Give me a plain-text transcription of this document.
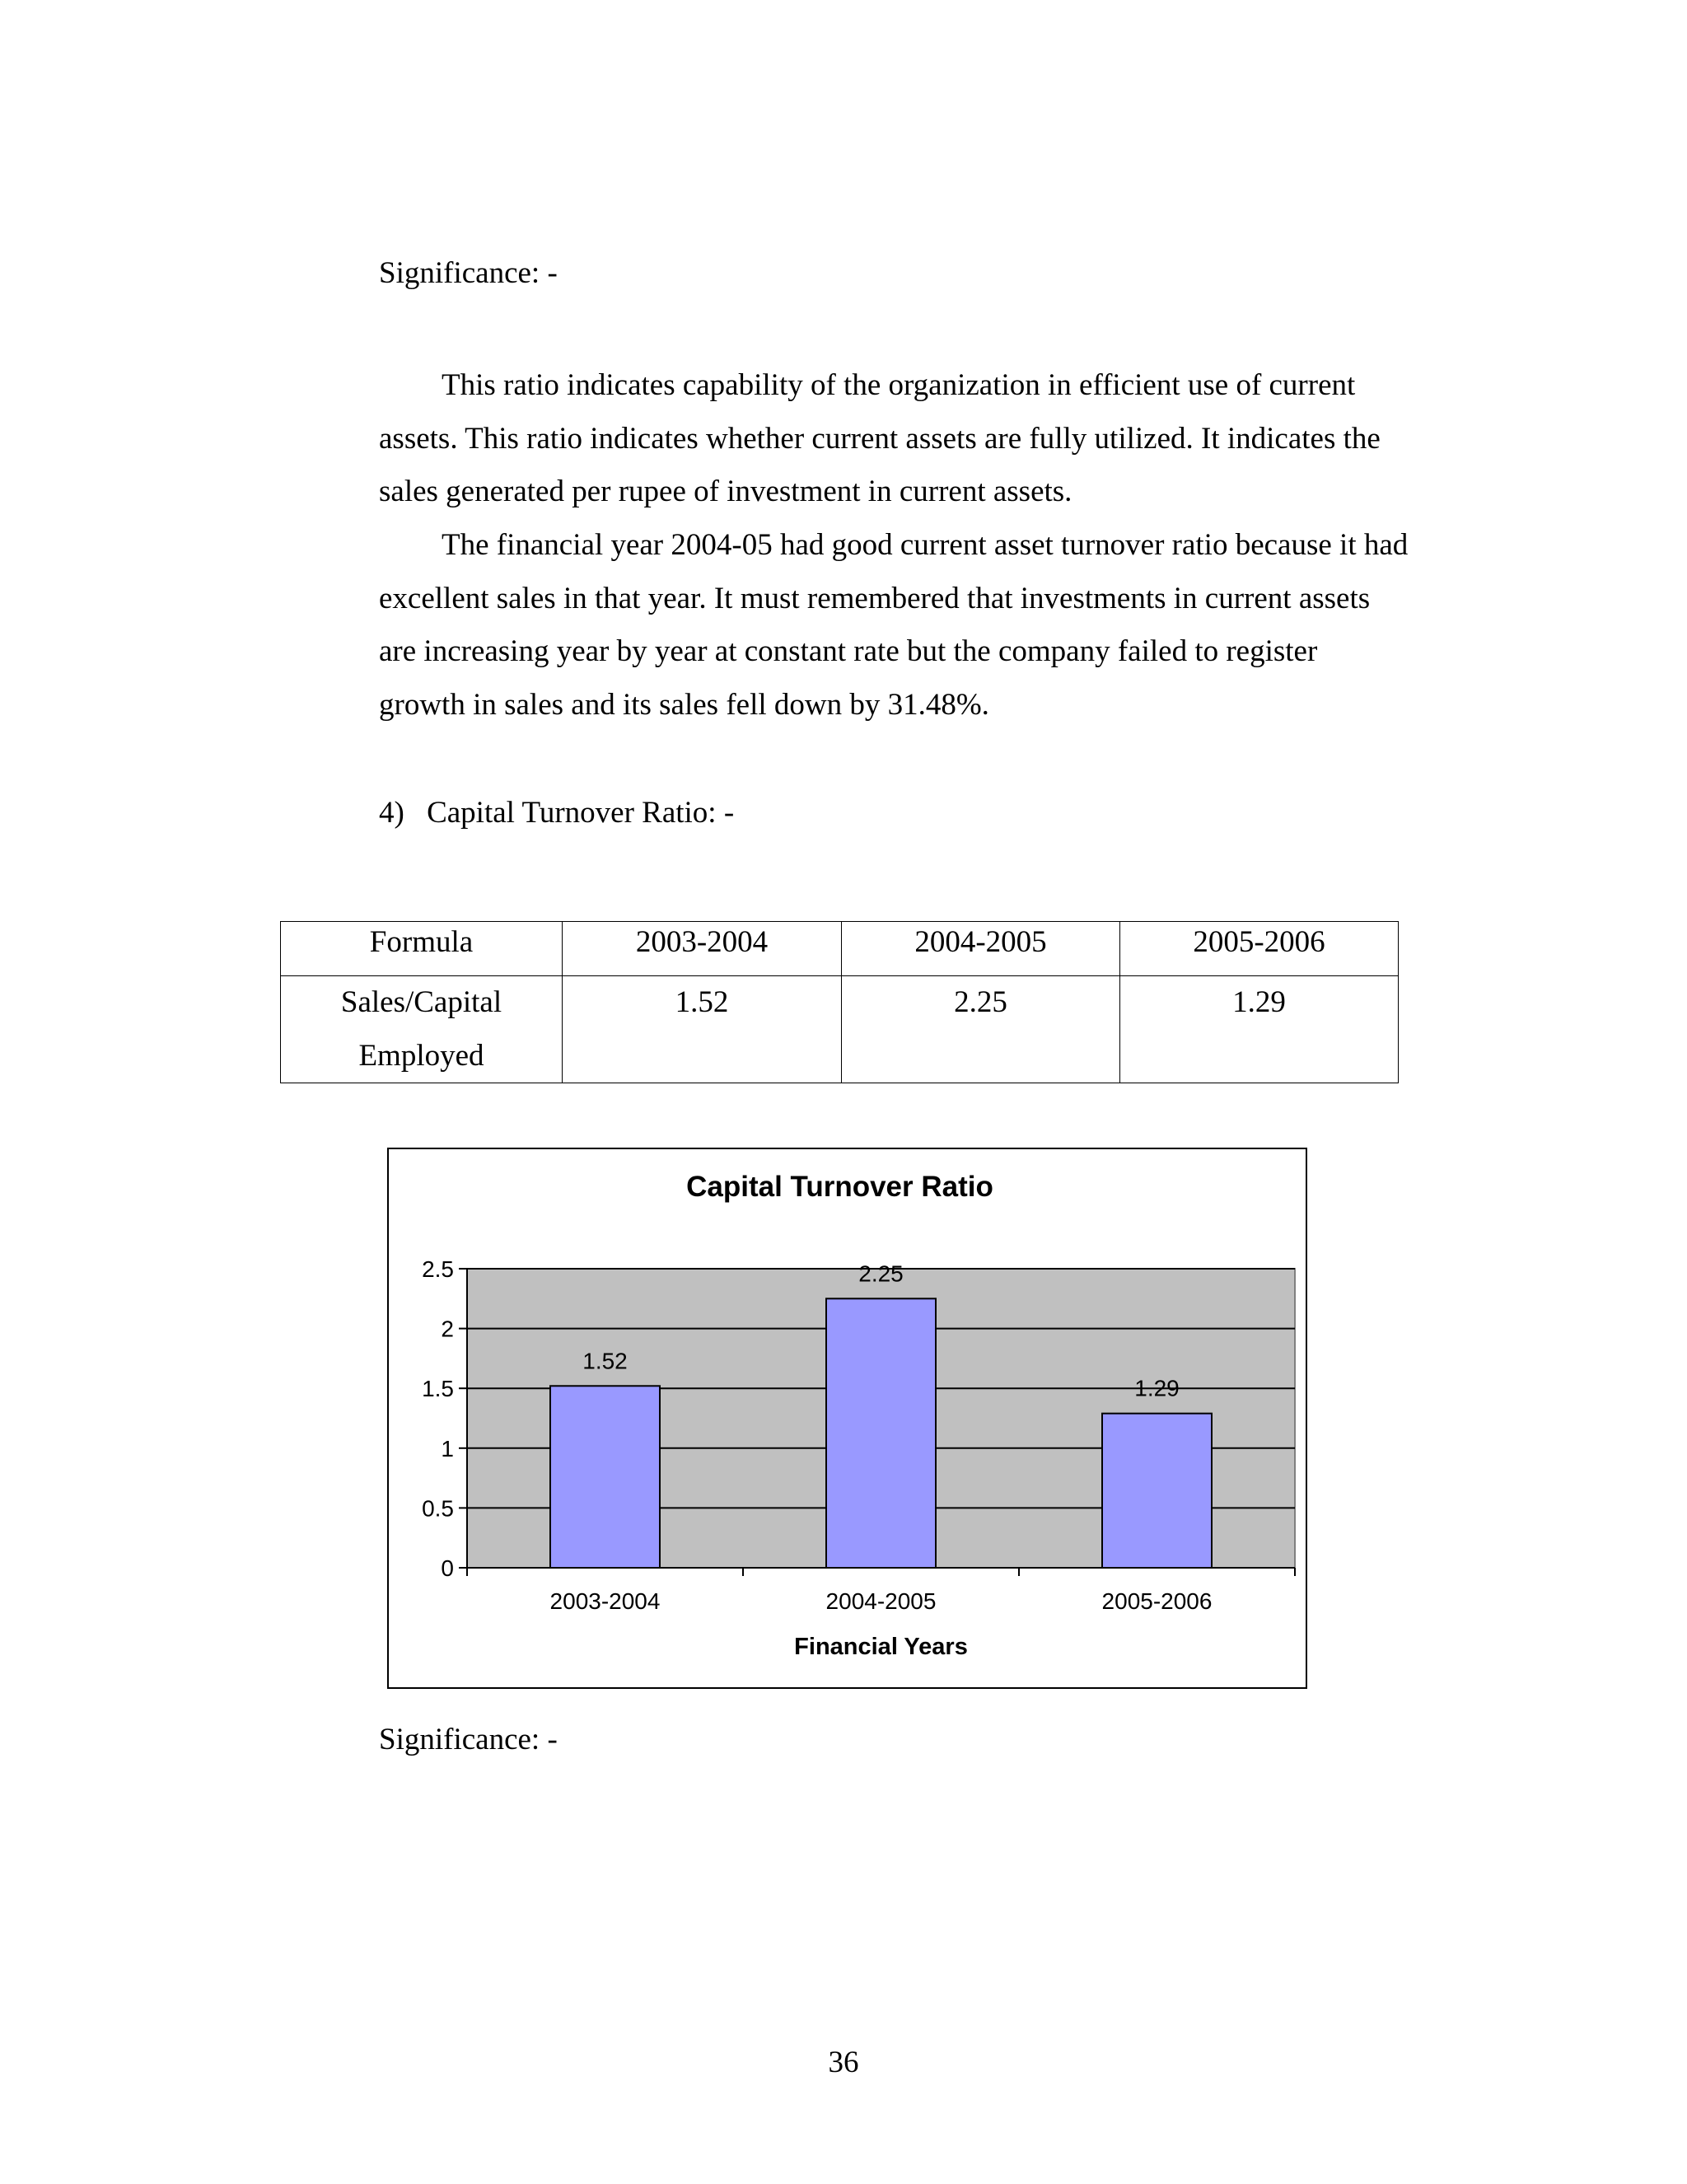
Significance: -
This ratio indicates capability of the organization in efficient use of current
assets. This ratio indicates whether current assets are fully utilized. It indicates the
sales generated per rupee of investment in current assets.
The financial year 2004-05 had good current asset turnover ratio because it had
excellent sales in that year. It must remembered that investments in current assets
are increasing year by year at constant rate but the company failed to register
growth in sales and its sales fell down by 31.48%.
4) Capital Turnover Ratio: -
Formula	2003-2004	2004-2005	2005-2006

Sales/Capital
Employed	1.52	2.25	1.29
Capital Turnover Ratio
0
0.5
1
1.5
2
2.5
1.52
2003-2004
2.25
2004-2005
1.29
2005-2006
Financial Years
Significance: -
36
